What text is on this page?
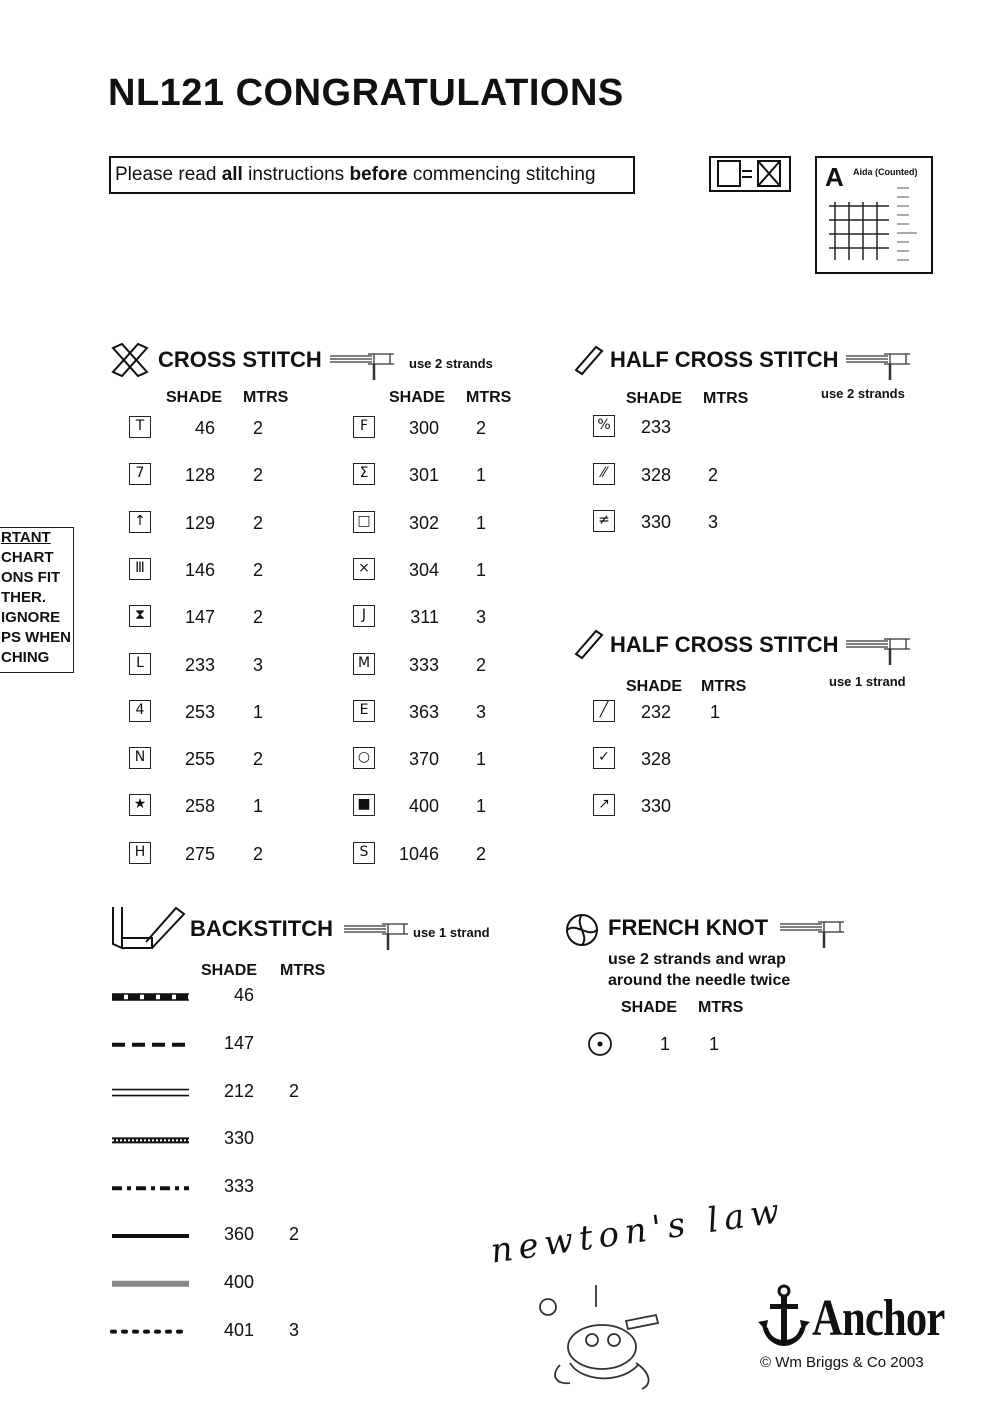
NL121 CONGRATULATIONS
Please read all instructions before commencing stitching	A Aida (Counted)
RTANT
CHART
ONS FIT
THER.
IGNORE
PS WHEN
CHING
CROSS STITCH	use 2 strands
SHADE MTRS	SHADE MTRS
T	46 2
7	128 2
↑	129 2
Ⅲ	146 2
⧗	147 2
L	233 3
4	253 1
N	255 2
★	258 1
H	275 2
F	300 2
Σ	301 1
□	302 1
⨯	304 1
J	311 3
M	333 2
E	363 3
○	370 1
■	400 1
S	1046 2
HALF CROSS STITCH
use 2 strands
SHADE MTRS
%	233
⁄⁄	328 2
≠	330 3
HALF CROSS STITCH
use 1 strand
SHADE MTRS
╱	232 1
✓	328
↗	330
BACKSTITCH	use 1 strand
SHADE MTRS
46
147
212 2
330
333
360 2
400
401 3
FRENCH KNOT
use 2 strands and wrap
around the needle twice
SHADE MTRS
1 1
newton's law
Anchor
© Wm Briggs & Co 2003
